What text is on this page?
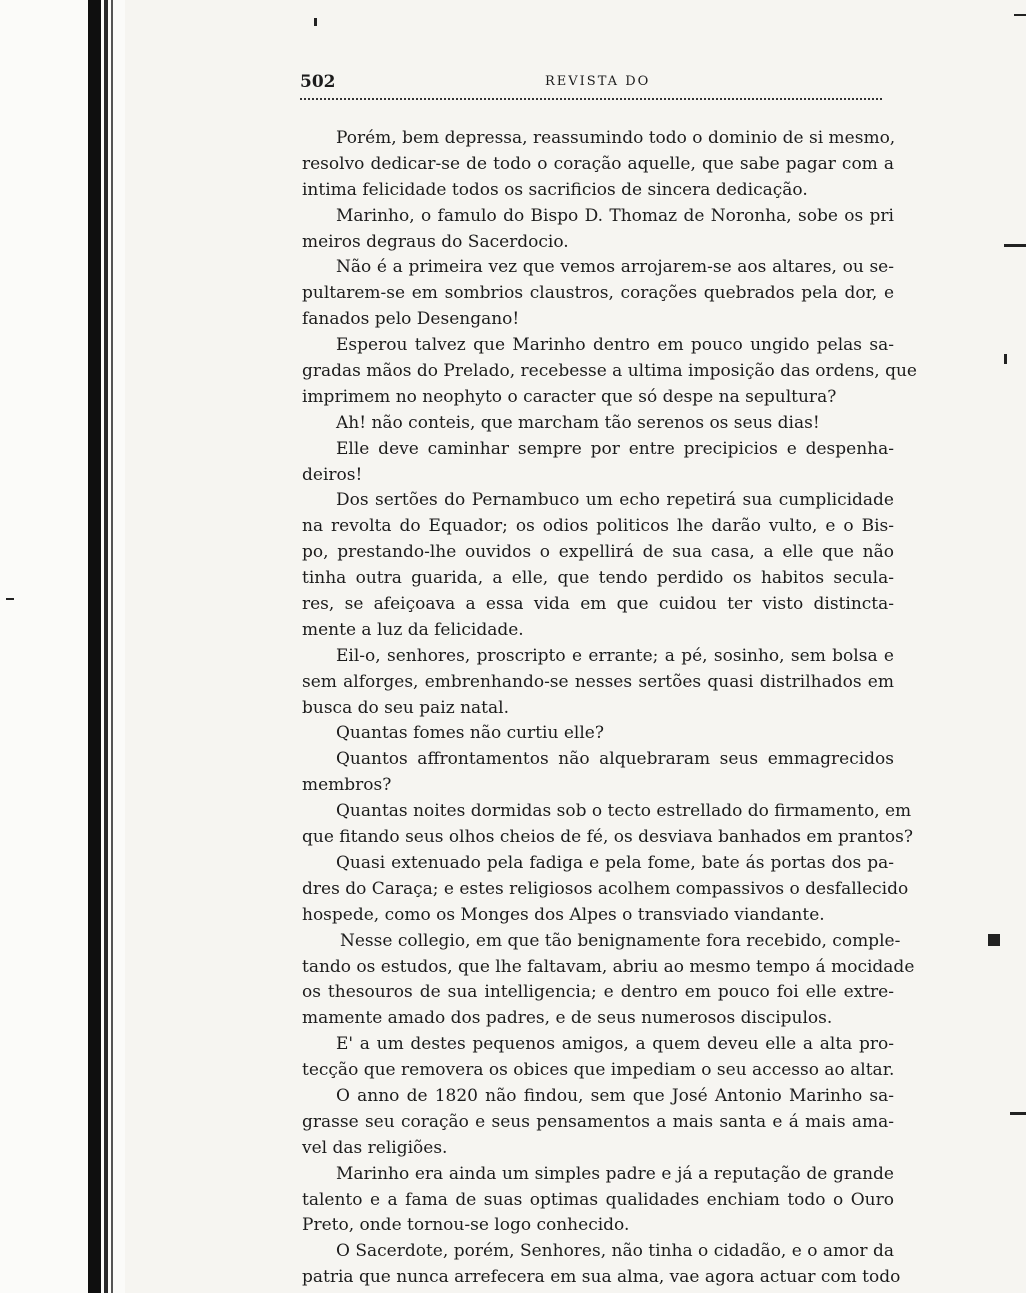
502	REVISTA DO
Porém, bem depressa, reassumindo todo o dominio de si mesmo,
resolvo dedicar-se de todo o coração aquelle, que sabe pagar com a
intima felicidade todos os sacrificios de sincera dedicação.
Marinho, o famulo do Bispo D. Thomaz de Noronha, sobe os pri
meiros degraus do Sacerdocio.
Não é a primeira vez que vemos arrojarem-se aos altares, ou se-
pultarem-se em sombrios claustros, corações quebrados pela dor, e
fanados pelo Desengano!
Esperou talvez que Marinho dentro em pouco ungido pelas sa-
gradas mãos do Prelado, recebesse a ultima imposição das ordens, que
imprimem no neophyto o caracter que só despe na sepultura?
Ah! não conteis, que marcham tão serenos os seus dias!
Elle deve caminhar sempre por entre precipicios e despenha-
deiros!
Dos sertões do Pernambuco um echo repetirá sua cumplicidade
na revolta do Equador; os odios politicos lhe darão vulto, e o Bis-
po, prestando-lhe ouvidos o expellirá de sua casa, a elle que não
tinha outra guarida, a elle, que tendo perdido os habitos secula-
res, se afeiçoava a essa vida em que cuidou ter visto distincta-
mente a luz da felicidade.
Eil-o, senhores, proscripto e errante; a pé, sosinho, sem bolsa e
sem alforges, embrenhando-se nesses sertões quasi distrilhados em
busca do seu paiz natal.
Quantas fomes não curtiu elle?
Quantos affrontamentos não alquebraram seus emmagrecidos
membros?
Quantas noites dormidas sob o tecto estrellado do firmamento, em
que fitando seus olhos cheios de fé, os desviava banhados em prantos?
Quasi extenuado pela fadiga e pela fome, bate ás portas dos pa-
dres do Caraça; e estes religiosos acolhem compassivos o desfallecido
hospede, como os Monges dos Alpes o transviado viandante.
Nesse collegio, em que tão benignamente fora recebido, comple-
tando os estudos, que lhe faltavam, abriu ao mesmo tempo á mocidade
os thesouros de sua intelligencia; e dentro em pouco foi elle extre-
mamente amado dos padres, e de seus numerosos discipulos.
E' a um destes pequenos amigos, a quem deveu elle a alta pro-
tecção que removera os obices que impediam o seu accesso ao altar.
O anno de 1820 não findou, sem que José Antonio Marinho sa-
grasse seu coração e seus pensamentos a mais santa e á mais ama-
vel das religiões.
Marinho era ainda um simples padre e já a reputação de grande
talento e a fama de suas optimas qualidades enchiam todo o Ouro
Preto, onde tornou-se logo conhecido.
O Sacerdote, porém, Senhores, não tinha o cidadão, e o amor da
patria que nunca arrefecera em sua alma, vae agora actuar com todo
